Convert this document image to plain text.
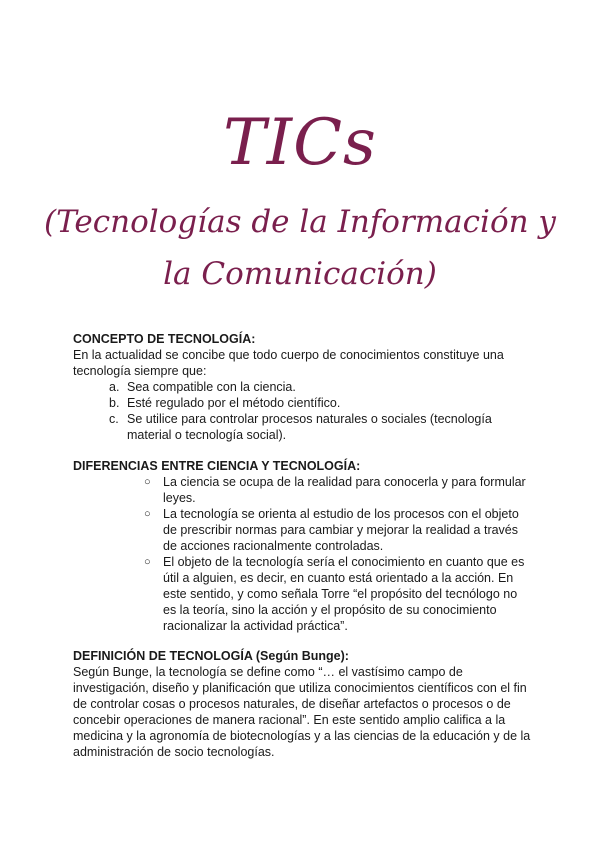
TICs
(Tecnologías de la Información y la Comunicación)
CONCEPTO DE TECNOLOGÍA:
En la actualidad se concibe que todo cuerpo de conocimientos constituye una tecnología siempre que:
a. Sea compatible con la ciencia.
b. Esté regulado por el método científico.
c. Se utilice para controlar procesos naturales o sociales (tecnología material o tecnología social).
DIFERENCIAS ENTRE CIENCIA Y TECNOLOGÍA:
○ La ciencia se ocupa de la realidad para conocerla y para formular leyes.
○ La tecnología se orienta al estudio de los procesos con el objeto de prescribir normas para cambiar y mejorar la realidad a través de acciones racionalmente controladas.
○ El objeto de la tecnología sería el conocimiento en cuanto que es útil a alguien, es decir, en cuanto está orientado a la acción. En este sentido, y como señala Torre “el propósito del tecnólogo no es la teoría, sino la acción y el propósito de su conocimiento racionalizar la actividad práctica”.
DEFINICIÓN DE TECNOLOGÍA (Según Bunge):
Según Bunge, la tecnología se define como “… el vastísimo campo de investigación, diseño y planificación que utiliza conocimientos científicos con el fin de controlar cosas o procesos naturales, de diseñar artefactos o procesos o de concebir operaciones de manera racional”. En este sentido amplio califica a la medicina y la agronomía de biotecnologías y a las ciencias de la educación y de la administración de socio tecnologías.
